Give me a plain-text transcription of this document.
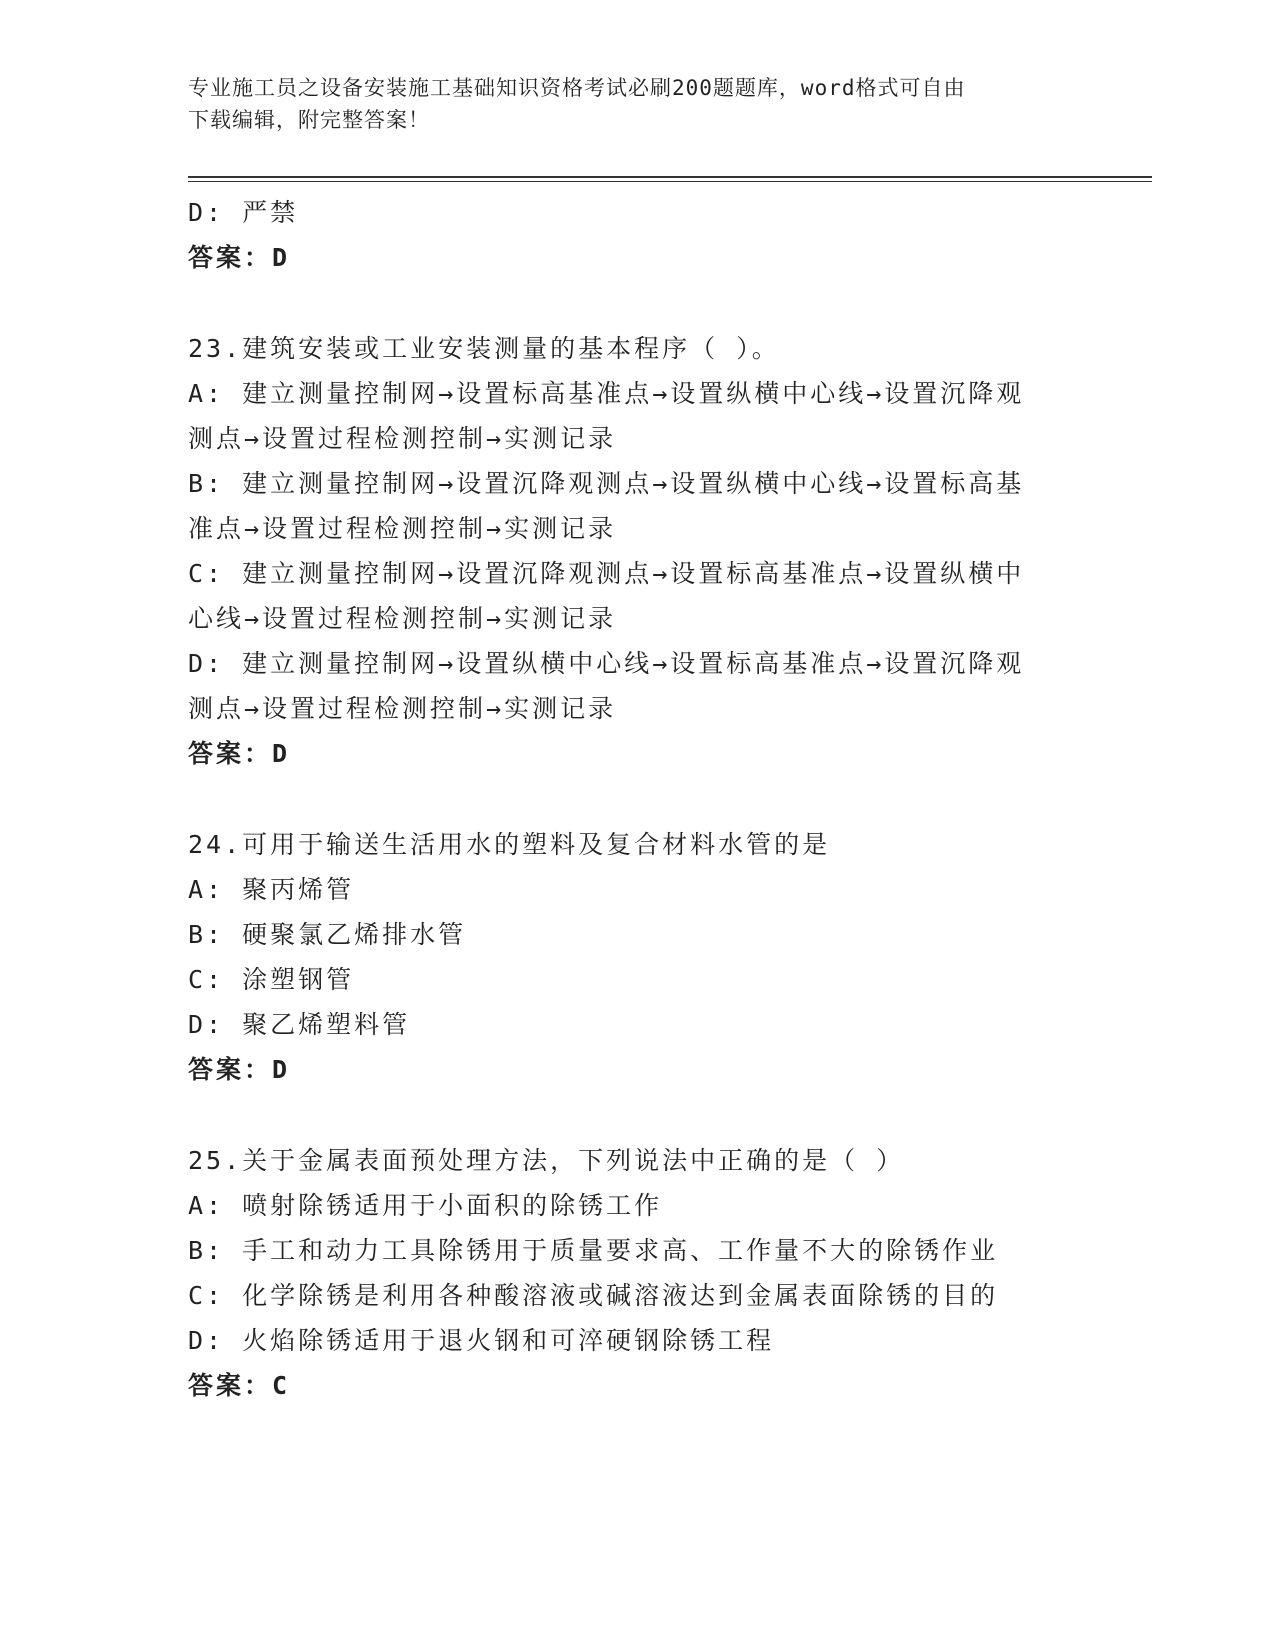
专业施工员之设备安装施工基础知识资格考试必刷200题题库，word格式可自由
下载编辑，附完整答案！
D: 严禁
答案：D
23.建筑安装或工业安装测量的基本程序（ ）。
A: 建立测量控制网→设置标高基准点→设置纵横中心线→设置沉降观
测点→设置过程检测控制→实测记录
B: 建立测量控制网→设置沉降观测点→设置纵横中心线→设置标高基
准点→设置过程检测控制→实测记录
C: 建立测量控制网→设置沉降观测点→设置标高基准点→设置纵横中
心线→设置过程检测控制→实测记录
D: 建立测量控制网→设置纵横中心线→设置标高基准点→设置沉降观
测点→设置过程检测控制→实测记录
答案：D
24.可用于输送生活用水的塑料及复合材料水管的是
A: 聚丙烯管
B: 硬聚氯乙烯排水管
C: 涂塑钢管
D: 聚乙烯塑料管
答案：D
25.关于金属表面预处理方法，下列说法中正确的是（ ）
A: 喷射除锈适用于小面积的除锈工作
B: 手工和动力工具除锈用于质量要求高、工作量不大的除锈作业
C: 化学除锈是利用各种酸溶液或碱溶液达到金属表面除锈的目的
D: 火焰除锈适用于退火钢和可淬硬钢除锈工程
答案：C
